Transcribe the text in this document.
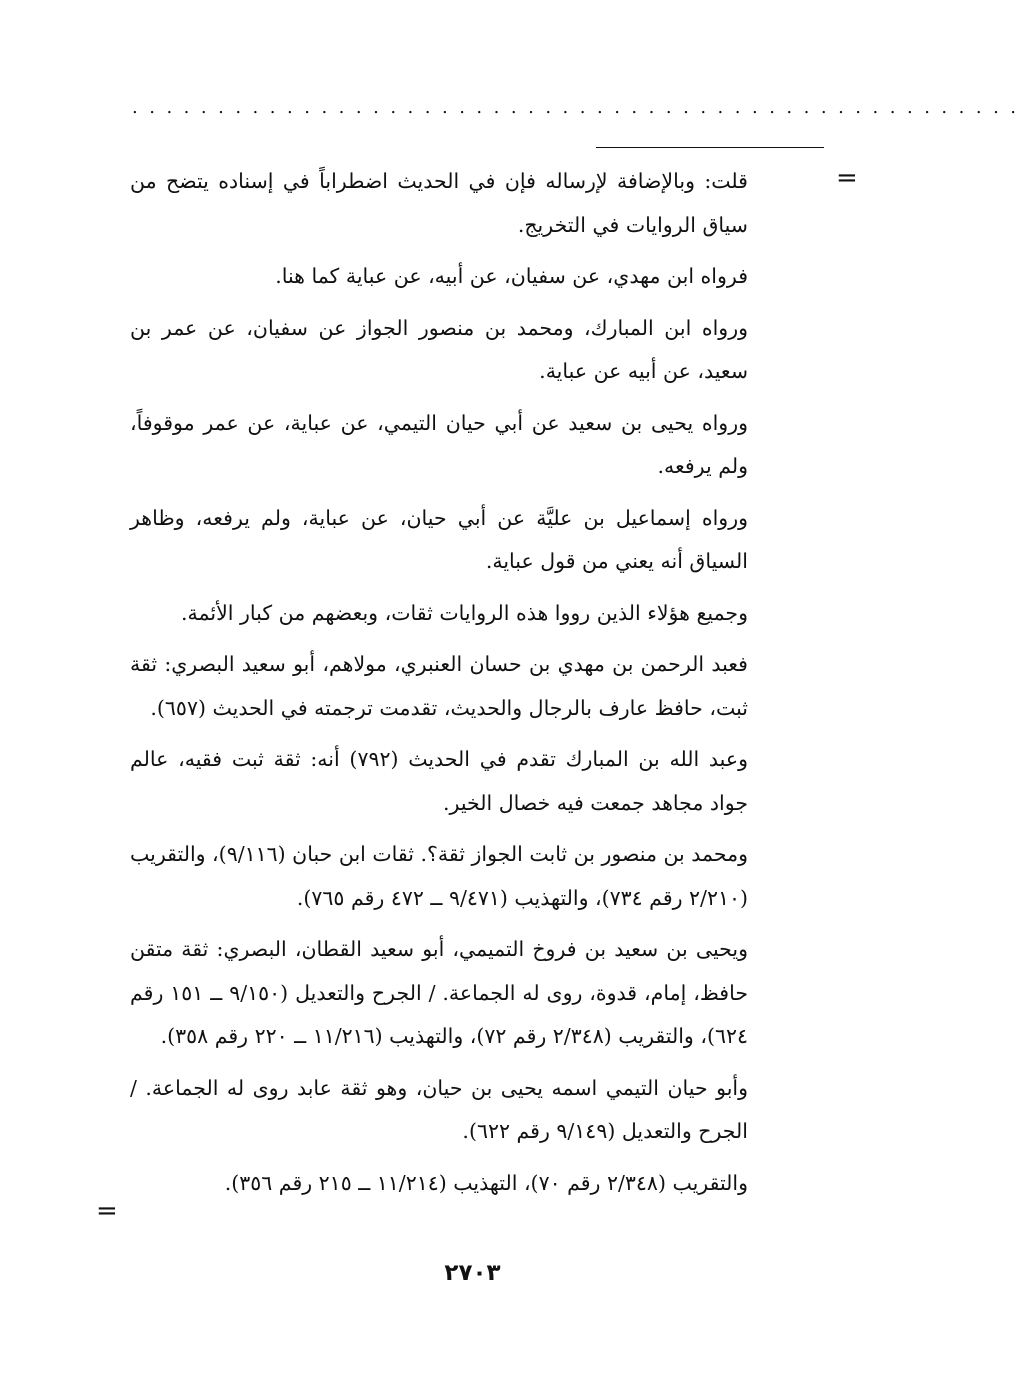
....................................................
=

قلت: وبالإضافة لإرساله فإن في الحديث اضطراباً في إسناده يتضح من سياق الروايات في التخريج.

فرواه ابن مهدي، عن سفيان، عن أبيه، عن عباية كما هنا.

ورواه ابن المبارك، ومحمد بن منصور الجواز عن سفيان، عن عمر بن سعيد، عن أبيه عن عباية.

ورواه يحيى بن سعيد عن أبي حيان التيمي، عن عباية، عن عمر موقوفاً، ولم يرفعه.

ورواه إسماعيل بن عليَّة عن أبي حيان، عن عباية، ولم يرفعه، وظاهر السياق أنه يعني من قول عباية.

وجميع هؤلاء الذين رووا هذه الروايات ثقات، وبعضهم من كبار الأئمة.

فعبد الرحمن بن مهدي بن حسان العنبري، مولاهم، أبو سعيد البصري: ثقة ثبت، حافظ عارف بالرجال والحديث، تقدمت ترجمته في الحديث (٦٥٧).

وعبد الله بن المبارك تقدم في الحديث (٧٩٢) أنه: ثقة ثبت فقيه، عالم جواد مجاهد جمعت فيه خصال الخير.

ومحمد بن منصور بن ثابت الجواز ثقة؟. ثقات ابن حبان (٩/١١٦)، والتقريب (٢/٢١٠ رقم ٧٣٤)، والتهذيب (٩/٤٧١ ــ ٤٧٢ رقم ٧٦٥).

ويحيى بن سعيد بن فروخ التميمي، أبو سعيد القطان، البصري: ثقة متقن حافظ، إمام، قدوة، روى له الجماعة. / الجرح والتعديل (٩/١٥٠ ــ ١٥١ رقم ٦٢٤)، والتقريب (٢/٣٤٨ رقم ٧٢)، والتهذيب (١١/٢١٦ ــ ٢٢٠ رقم ٣٥٨).

وأبو حيان التيمي اسمه يحيى بن حيان، وهو ثقة عابد روى له الجماعة. / الجرح والتعديل (٩/١٤٩ رقم ٦٢٢).

والتقريب (٢/٣٤٨ رقم ٧٠)، التهذيب (١١/٢١٤ ــ ٢١٥ رقم ٣٥٦).

=
٢٧٠٣
